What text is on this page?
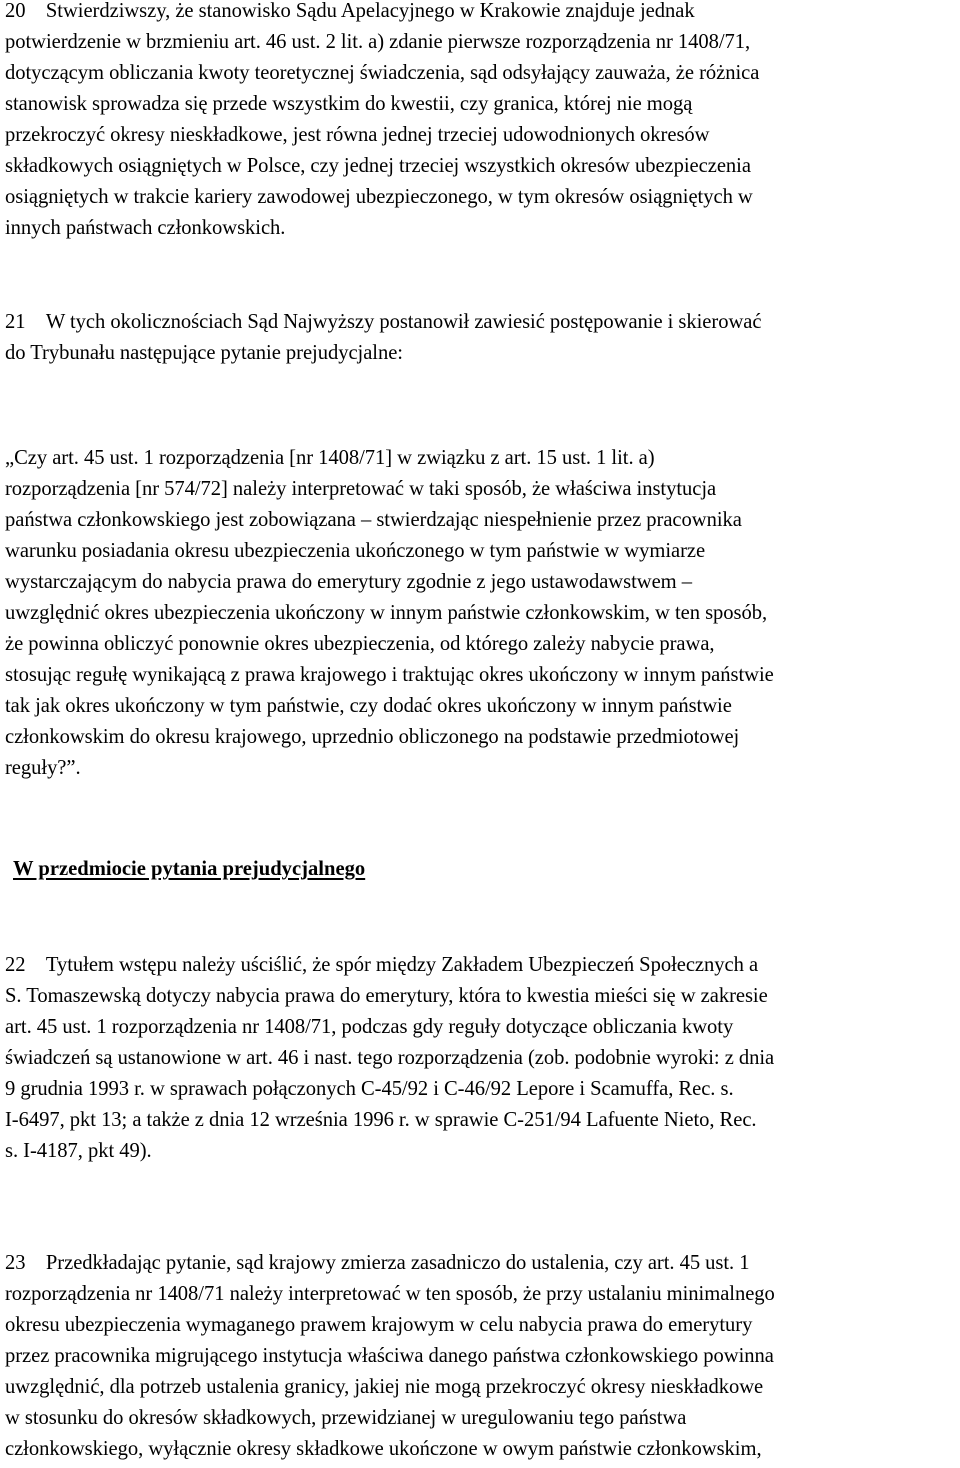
20    Stwierdziwszy, że stanowisko Sądu Apelacyjnego w Krakowie znajduje jednak
potwierdzenie w brzmieniu art. 46 ust. 2 lit. a) zdanie pierwsze rozporządzenia nr 1408/71,
dotyczącym obliczania kwoty teoretycznej świadczenia, sąd odsyłający zauważa, że różnica
stanowisk sprowadza się przede wszystkim do kwestii, czy granica, której nie mogą
przekroczyć okresy nieskładkowe, jest równa jednej trzeciej udowodnionych okresów
składkowych osiągniętych w Polsce, czy jednej trzeciej wszystkich okresów ubezpieczenia
osiągniętych w trakcie kariery zawodowej ubezpieczonego, w tym okresów osiągniętych w
innych państwach członkowskich.
21    W tych okolicznościach Sąd Najwyższy postanowił zawiesić postępowanie i skierować
do Trybunału następujące pytanie prejudycjalne:
„Czy art. 45 ust. 1 rozporządzenia [nr 1408/71] w związku z art. 15 ust. 1 lit. a)
rozporządzenia [nr 574/72] należy interpretować w taki sposób, że właściwa instytucja
państwa członkowskiego jest zobowiązana – stwierdzając niespełnienie przez pracownika
warunku posiadania okresu ubezpieczenia ukończonego w tym państwie w wymiarze
wystarczającym do nabycia prawa do emerytury zgodnie z jego ustawodawstwem –
uwzględnić okres ubezpieczenia ukończony w innym państwie członkowskim, w ten sposób,
że powinna obliczyć ponownie okres ubezpieczenia, od którego zależy nabycie prawa,
stosując regułę wynikającą z prawa krajowego i traktując okres ukończony w innym państwie
tak jak okres ukończony w tym państwie, czy dodać okres ukończony w innym państwie
członkowskim do okresu krajowego, uprzednio obliczonego na podstawie przedmiotowej
reguły?”.
W przedmiocie pytania prejudycjalnego
22    Tytułem wstępu należy uściślić, że spór między Zakładem Ubezpieczeń Społecznych a
S. Tomaszewską dotyczy nabycia prawa do emerytury, która to kwestia mieści się w zakresie
art. 45 ust. 1 rozporządzenia nr 1408/71, podczas gdy reguły dotyczące obliczania kwoty
świadczeń są ustanowione w art. 46 i nast. tego rozporządzenia (zob. podobnie wyroki: z dnia
9 grudnia 1993 r. w sprawach połączonych C‑45/92 i C‑46/92 Lepore i Scamuffa, Rec. s.
I‑6497, pkt 13; a także z dnia 12 września 1996 r. w sprawie C‑251/94 Lafuente Nieto, Rec.
s. I‑4187, pkt 49).
23    Przedkładając pytanie, sąd krajowy zmierza zasadniczo do ustalenia, czy art. 45 ust. 1
rozporządzenia nr 1408/71 należy interpretować w ten sposób, że przy ustalaniu minimalnego
okresu ubezpieczenia wymaganego prawem krajowym w celu nabycia prawa do emerytury
przez pracownika migrującego instytucja właściwa danego państwa członkowskiego powinna
uwzględnić, dla potrzeb ustalenia granicy, jakiej nie mogą przekroczyć okresy nieskładkowe
w stosunku do okresów składkowych, przewidzianej w uregulowaniu tego państwa
członkowskiego, wyłącznie okresy składkowe ukończone w owym państwie członkowskim,
